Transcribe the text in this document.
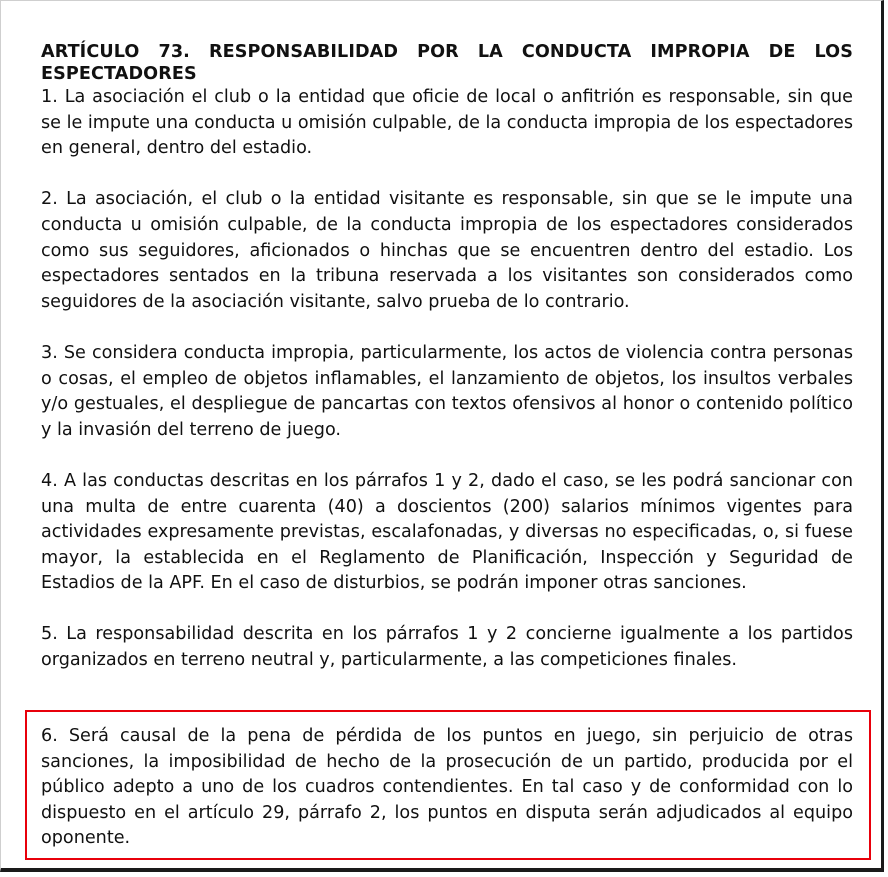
ARTÍCULO 73. RESPONSABILIDAD POR LA CONDUCTA IMPROPIA DE LOS ESPECTADORES

1. La asociación el club o la entidad que oficie de local o anfitrión es responsable, sin que se le impute una conducta u omisión culpable, de la conducta impropia de los espectadores en general, dentro del estadio.

2. La asociación, el club o la entidad visitante es responsable, sin que se le impute una conducta u omisión culpable, de la conducta impropia de los espectadores considerados como sus seguidores, aficionados o hinchas que se encuentren dentro del estadio. Los espectadores sentados en la tribuna reservada a los visitantes son considerados como seguidores de la asociación visitante, salvo prueba de lo contrario.

3. Se considera conducta impropia, particularmente, los actos de violencia contra personas o cosas, el empleo de objetos inflamables, el lanzamiento de objetos, los insultos verbales y/o gestuales, el despliegue de pancartas con textos ofensivos al honor o contenido político y la invasión del terreno de juego.

4. A las conductas descritas en los párrafos 1 y 2, dado el caso, se les podrá sancionar con una multa de entre cuarenta (40) a doscientos (200) salarios mínimos vigentes para actividades expresamente previstas, escalafonadas, y diversas no especificadas, o, si fuese mayor, la establecida en el Reglamento de Planificación, Inspección y Seguridad de Estadios de la APF. En el caso de disturbios, se podrán imponer otras sanciones.

5. La responsabilidad descrita en los párrafos 1 y 2 concierne igualmente a los partidos organizados en terreno neutral y, particularmente, a las competiciones finales.

6. Será causal de la pena de pérdida de los puntos en juego, sin perjuicio de otras sanciones, la imposibilidad de hecho de la prosecución de un partido, producida por el público adepto a uno de los cuadros contendientes. En tal caso y de conformidad con lo dispuesto en el artículo 29, párrafo 2, los puntos en disputa serán adjudicados al equipo oponente.
